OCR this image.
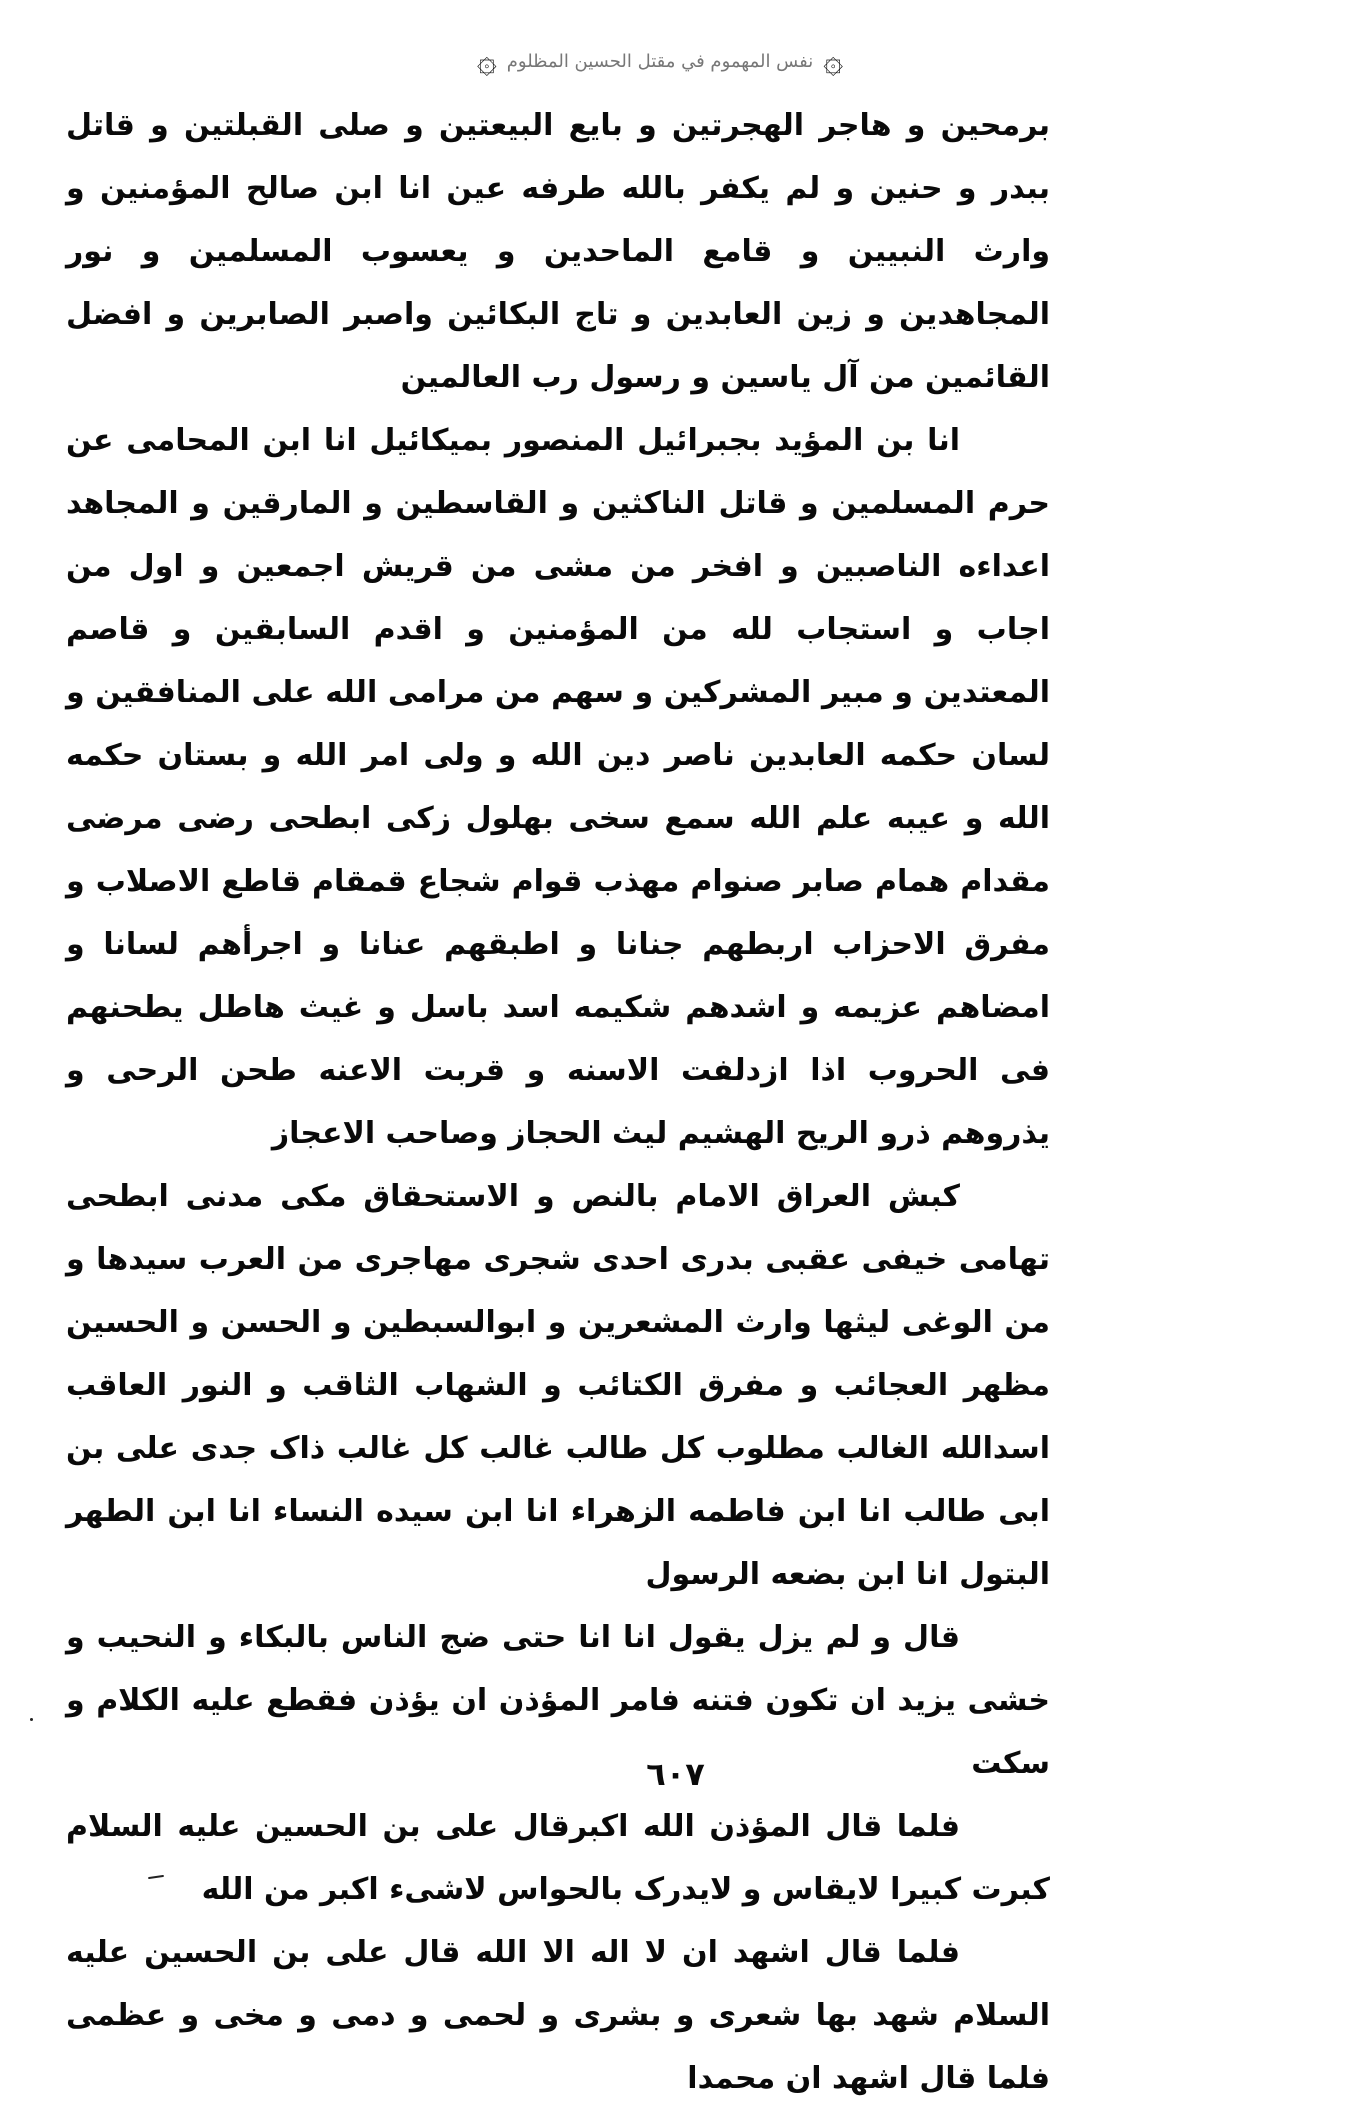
۞
نفس المهموم في مقتل الحسين المظلوم
۞

برمحين و هاجر الهجرتين و بايع البيعتين و صلى القبلتين و قاتل ببدر و حنين و لم يكفر بالله طرفه عين انا ابن صالح المؤمنين و وارث النبيين و قامع الماحدين و يعسوب المسلمين و نور المجاهدين و زين العابدين و تاج البكائين واصبر الصابرين و افضل القائمين من آل ياسين و رسول رب العالمين

انا بن المؤيد بجبرائيل المنصور بميكائيل انا ابن المحامى عن حرم المسلمين و قاتل الناكثين و القاسطين و المارقين و المجاهد اعداءه الناصبين و افخر من مشى من قريش اجمعين و اول من اجاب و استجاب لله من المؤمنين و اقدم السابقين و قاصم المعتدين و مبير المشركين و سهم من مرامى الله على المنافقين و لسان حكمه العابدين ناصر دين الله و ولى امر الله و بستان حكمه الله و عيبه علم الله سمع سخى بهلول زكى ابطحى رضى مرضى مقدام همام صابر صنوام مهذب قوام شجاع قمقام قاطع الاصلاب و مفرق الاحزاب اربطهم جنانا و اطبقهم عنانا و اجرأهم لسانا و امضاهم عزيمه و اشدهم شكيمه اسد باسل و غيث هاطل يطحنهم فى الحروب اذا ازدلفت الاسنه و قربت الاعنه طحن الرحى و يذروهم ذرو الريح الهشيم ليث الحجاز وصاحب الاعجاز

كبش العراق الامام بالنص و الاستحقاق مكى مدنى ابطحى تهامى خيفى عقبى بدرى احدى شجرى مهاجرى من العرب سيدها و من الوغى ليثها وارث المشعرين و ابوالسبطين و الحسن و الحسين مظهر العجائب و مفرق الكتائب و الشهاب الثاقب و النور العاقب اسدالله الغالب مطلوب كل طالب غالب كل غالب ذاک جدى على بن ابى طالب انا ابن فاطمه الزهراء انا ابن سيده النساء انا ابن الطهر البتول انا ابن بضعه الرسول

قال و لم يزل يقول انا انا حتى ضج الناس بالبكاء و النحيب و خشى يزيد ان تكون فتنه فامر المؤذن ان يؤذن فقطع عليه الكلام و سكت

فلما قال المؤذن الله اكبرقال على بن الحسين عليه السلام كبرت كبيرا لايقاس و لايدرک بالحواس لاشىء اكبر من الله

فلما قال اشهد ان لا اله الا الله قال على بن الحسين عليه السلام شهد بها شعرى و بشرى و لحمى و دمى و مخى و عظمى فلما قال اشهد ان محمدا

٦٠٧
